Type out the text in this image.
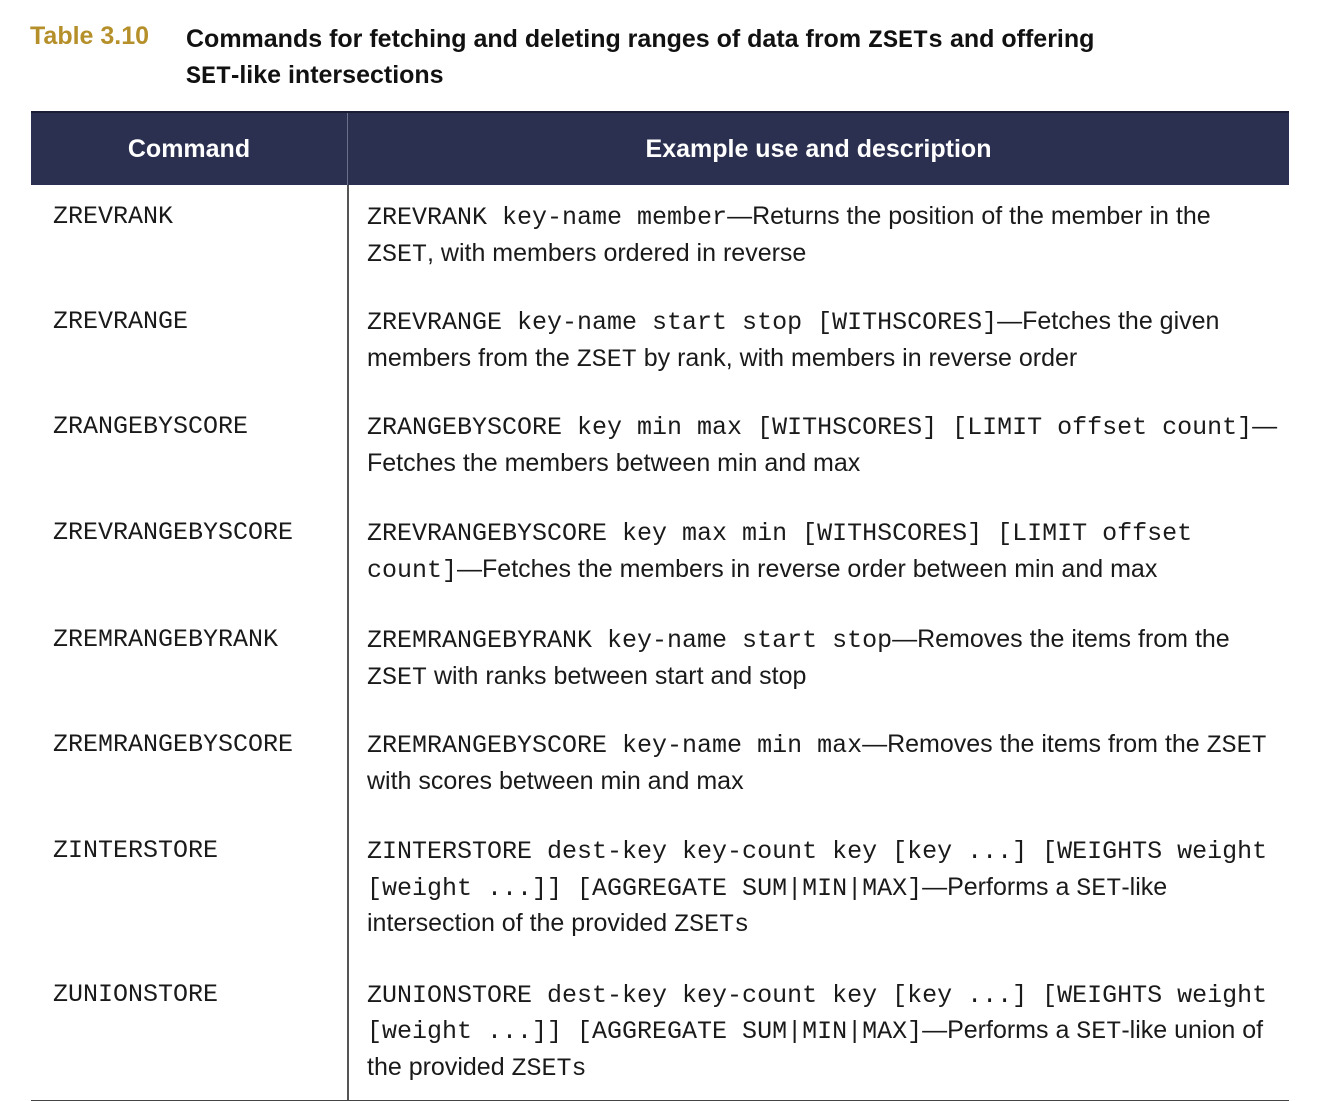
Table 3.10 Commands for fetching and deleting ranges of data from ZSETs and offering
SET-like intersections
Command	Example use and description
ZREVRANK	ZREVRANK key-name member—Returns the position of the member in the ZSET, with members ordered in reverse
ZREVRANGE	ZREVRANGE key-name start stop [WITHSCORES]—Fetches the given members from the ZSET by rank, with members in reverse order
ZRANGEBYSCORE	ZRANGEBYSCORE key min max [WITHSCORES] [LIMIT offset count]—Fetches the members between min and max
ZREVRANGEBYSCORE	ZREVRANGEBYSCORE key max min [WITHSCORES] [LIMIT offset count]—Fetches the members in reverse order between min and max
ZREMRANGEBYRANK	ZREMRANGEBYRANK key-name start stop—Removes the items from the ZSET with ranks between start and stop
ZREMRANGEBYSCORE	ZREMRANGEBYSCORE key-name min max—Removes the items from the ZSET with scores between min and max
ZINTERSTORE	ZINTERSTORE dest-key key-count key [key ...] [WEIGHTS weight [weight ...]] [AGGREGATE SUM|MIN|MAX]—Performs a SET-like intersection of the provided ZSETs
ZUNIONSTORE	ZUNIONSTORE dest-key key-count key [key ...] [WEIGHTS weight [weight ...]] [AGGREGATE SUM|MIN|MAX]—Performs a SET-like union of the provided ZSETs
